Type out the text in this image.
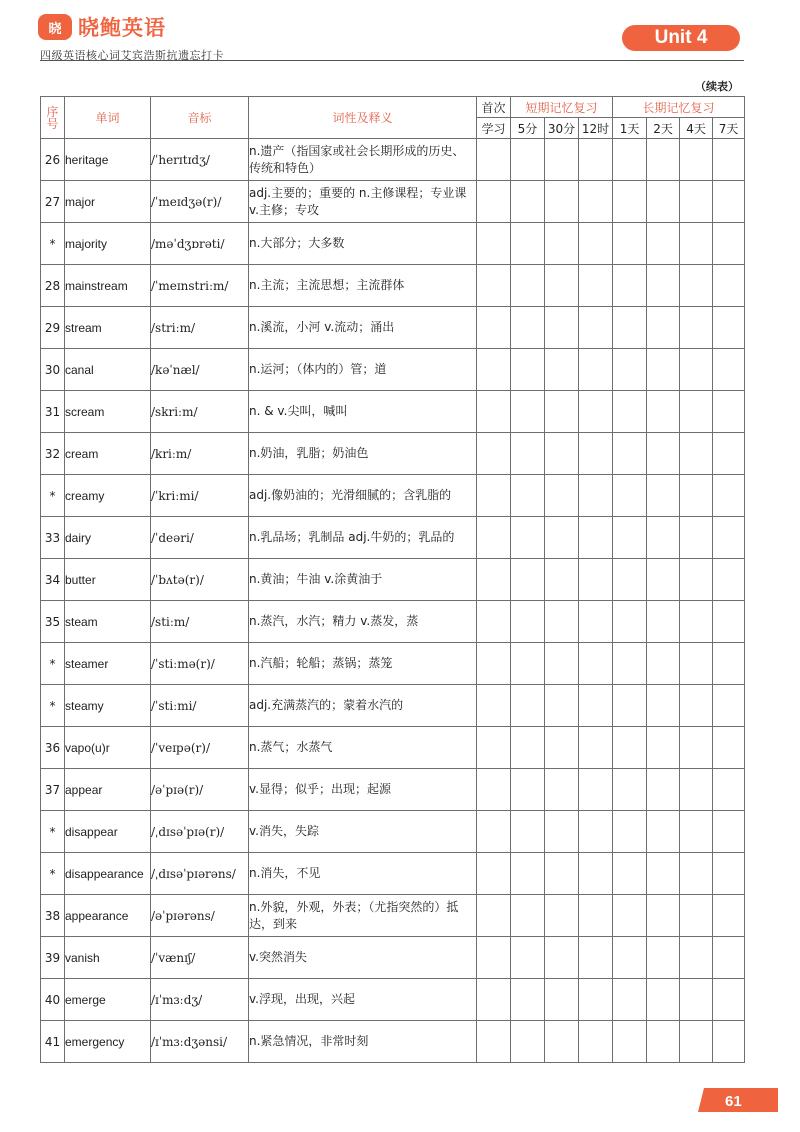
晓 晓鲍英语
四级英语核心词艾宾浩斯抗遗忘打卡
Unit 4
（续表）
序号	单词	音标	词性及释义	首次	短期记忆复习			长期记忆复习			
				学习	5分	30分	12时	1天	2天	4天	7天
26	heritage	/ˈherɪtɪdʒ/	n.遗产（指国家或社会长期形成的历史、传统和特色）								
27	major	/ˈmeɪdʒə(r)/	adj.主要的；重要的 n.主修课程；专业课 v.主修；专攻								
*	majority	/məˈdʒɒrəti/	n.大部分；大多数								
28	mainstream	/ˈmeɪnstriːm/	n.主流；主流思想；主流群体								
29	stream	/striːm/	n.溪流，小河 v.流动；涌出								
30	canal	/kəˈnæl/	n.运河；（体内的）管；道								
31	scream	/skriːm/	n. & v.尖叫，喊叫								
32	cream	/kriːm/	n.奶油，乳脂；奶油色								
*	creamy	/ˈkriːmi/	adj.像奶油的；光滑细腻的；含乳脂的								
33	dairy	/ˈdeəri/	n.乳品场；乳制品 adj.牛奶的；乳品的								
34	butter	/ˈbʌtə(r)/	n.黄油；牛油 v.涂黄油于								
35	steam	/stiːm/	n.蒸汽，水汽；精力 v.蒸发，蒸								
*	steamer	/ˈstiːmə(r)/	n.汽船；轮船；蒸锅；蒸笼								
*	steamy	/ˈstiːmi/	adj.充满蒸汽的；蒙着水汽的								
36	vapo(u)r	/ˈveɪpə(r)/	n.蒸气；水蒸气								
37	appear	/əˈpɪə(r)/	v.显得；似乎；出现；起源								
*	disappear	/ˌdɪsəˈpɪə(r)/	v.消失，失踪								
*	disappearance	/ˌdɪsəˈpɪərəns/	n.消失，不见								
38	appearance	/əˈpɪərəns/	n.外貌，外观，外表；（尤指突然的）抵达，到来								
39	vanish	/ˈvænɪʃ/	v.突然消失								
40	emerge	/ɪˈmɜːdʒ/	v.浮现，出现，兴起								
41	emergency	/ɪˈmɜːdʒənsi/	n.紧急情况，非常时刻								
61
